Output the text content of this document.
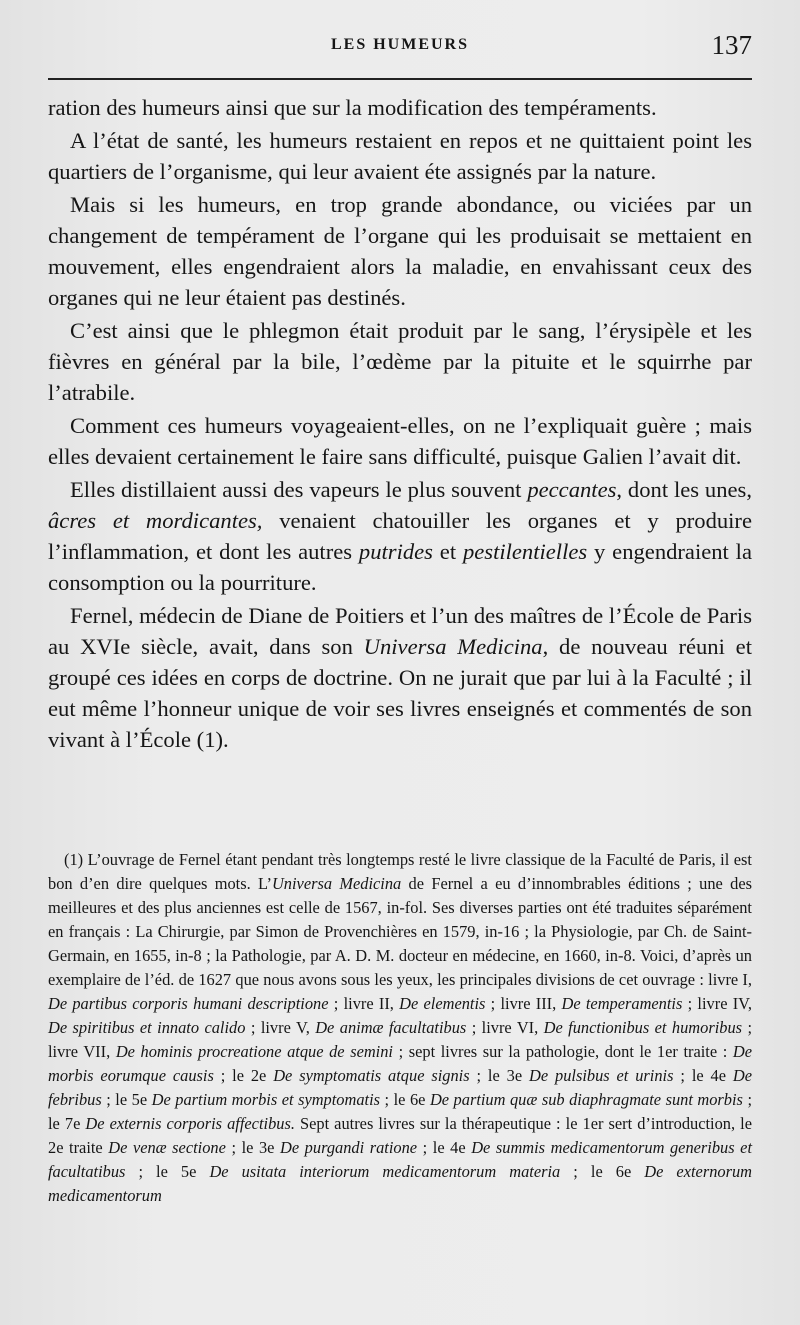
LES HUMEURS	137

ration des humeurs ainsi que sur la modification des tempéraments.

A l’état de santé, les humeurs restaient en repos et ne quittaient point les quartiers de l’organisme, qui leur avaient éte assignés par la nature.

Mais si les humeurs, en trop grande abondance, ou viciées par un changement de tempérament de l’organe qui les produisait se mettaient en mouvement, elles engendraient alors la maladie, en envahissant ceux des organes qui ne leur étaient pas destinés.

C’est ainsi que le phlegmon était produit par le sang, l’érysipèle et les fièvres en général par la bile, l’œdème par la pituite et le squirrhe par l’atrabile.

Comment ces humeurs voyageaient-elles, on ne l’expliquait guère ; mais elles devaient certainement le faire sans difficulté, puisque Galien l’avait dit.

Elles distillaient aussi des vapeurs le plus souvent peccantes, dont les unes, âcres et mordicantes, venaient chatouiller les organes et y produire l’inflammation, et dont les autres putrides et pestilentielles y engendraient la consomption ou la pourriture.

Fernel, médecin de Diane de Poitiers et l’un des maîtres de l’École de Paris au XVIe siècle, avait, dans son Universa Medicina, de nouveau réuni et groupé ces idées en corps de doctrine. On ne jurait que par lui à la Faculté ; il eut même l’honneur unique de voir ses livres enseignés et commentés de son vivant à l’École (1).

(1) L’ouvrage de Fernel étant pendant très longtemps resté le livre classique de la Faculté de Paris, il est bon d’en dire quelques mots. L’Universa Medicina de Fernel a eu d’innombrables éditions ; une des meilleures et des plus anciennes est celle de 1567, in-fol. Ses diverses parties ont été traduites séparément en français : La Chirurgie, par Simon de Provenchières en 1579, in-16 ; la Physiologie, par Ch. de Saint-Germain, en 1655, in-8 ; la Pathologie, par A. D. M. docteur en médecine, en 1660, in-8. Voici, d’après un exemplaire de l’éd. de 1627 que nous avons sous les yeux, les principales divisions de cet ouvrage : livre I, De partibus corporis humani descriptione ; livre II, De elementis ; livre III, De temperamentis ; livre IV, De spiritibus et innato calido ; livre V, De animæ facultatibus ; livre VI, De functionibus et humoribus ; livre VII, De hominis procreatione atque de semini ; sept livres sur la pathologie, dont le 1er traite : De morbis eorumque causis ; le 2e De symptomatis atque signis ; le 3e De pulsibus et urinis ; le 4e De febribus ; le 5e De partium morbis et symptomatis ; le 6e De partium quæ sub diaphragmate sunt morbis ; le 7e De externis corporis affectibus. Sept autres livres sur la thérapeutique : le 1er sert d’introduction, le 2e traite De venæ sectione ; le 3e De purgandi ratione ; le 4e De summis medicamentorum generibus et facultatibus ; le 5e De usitata interiorum medicamentorum materia ; le 6e De externorum medicamentorum
